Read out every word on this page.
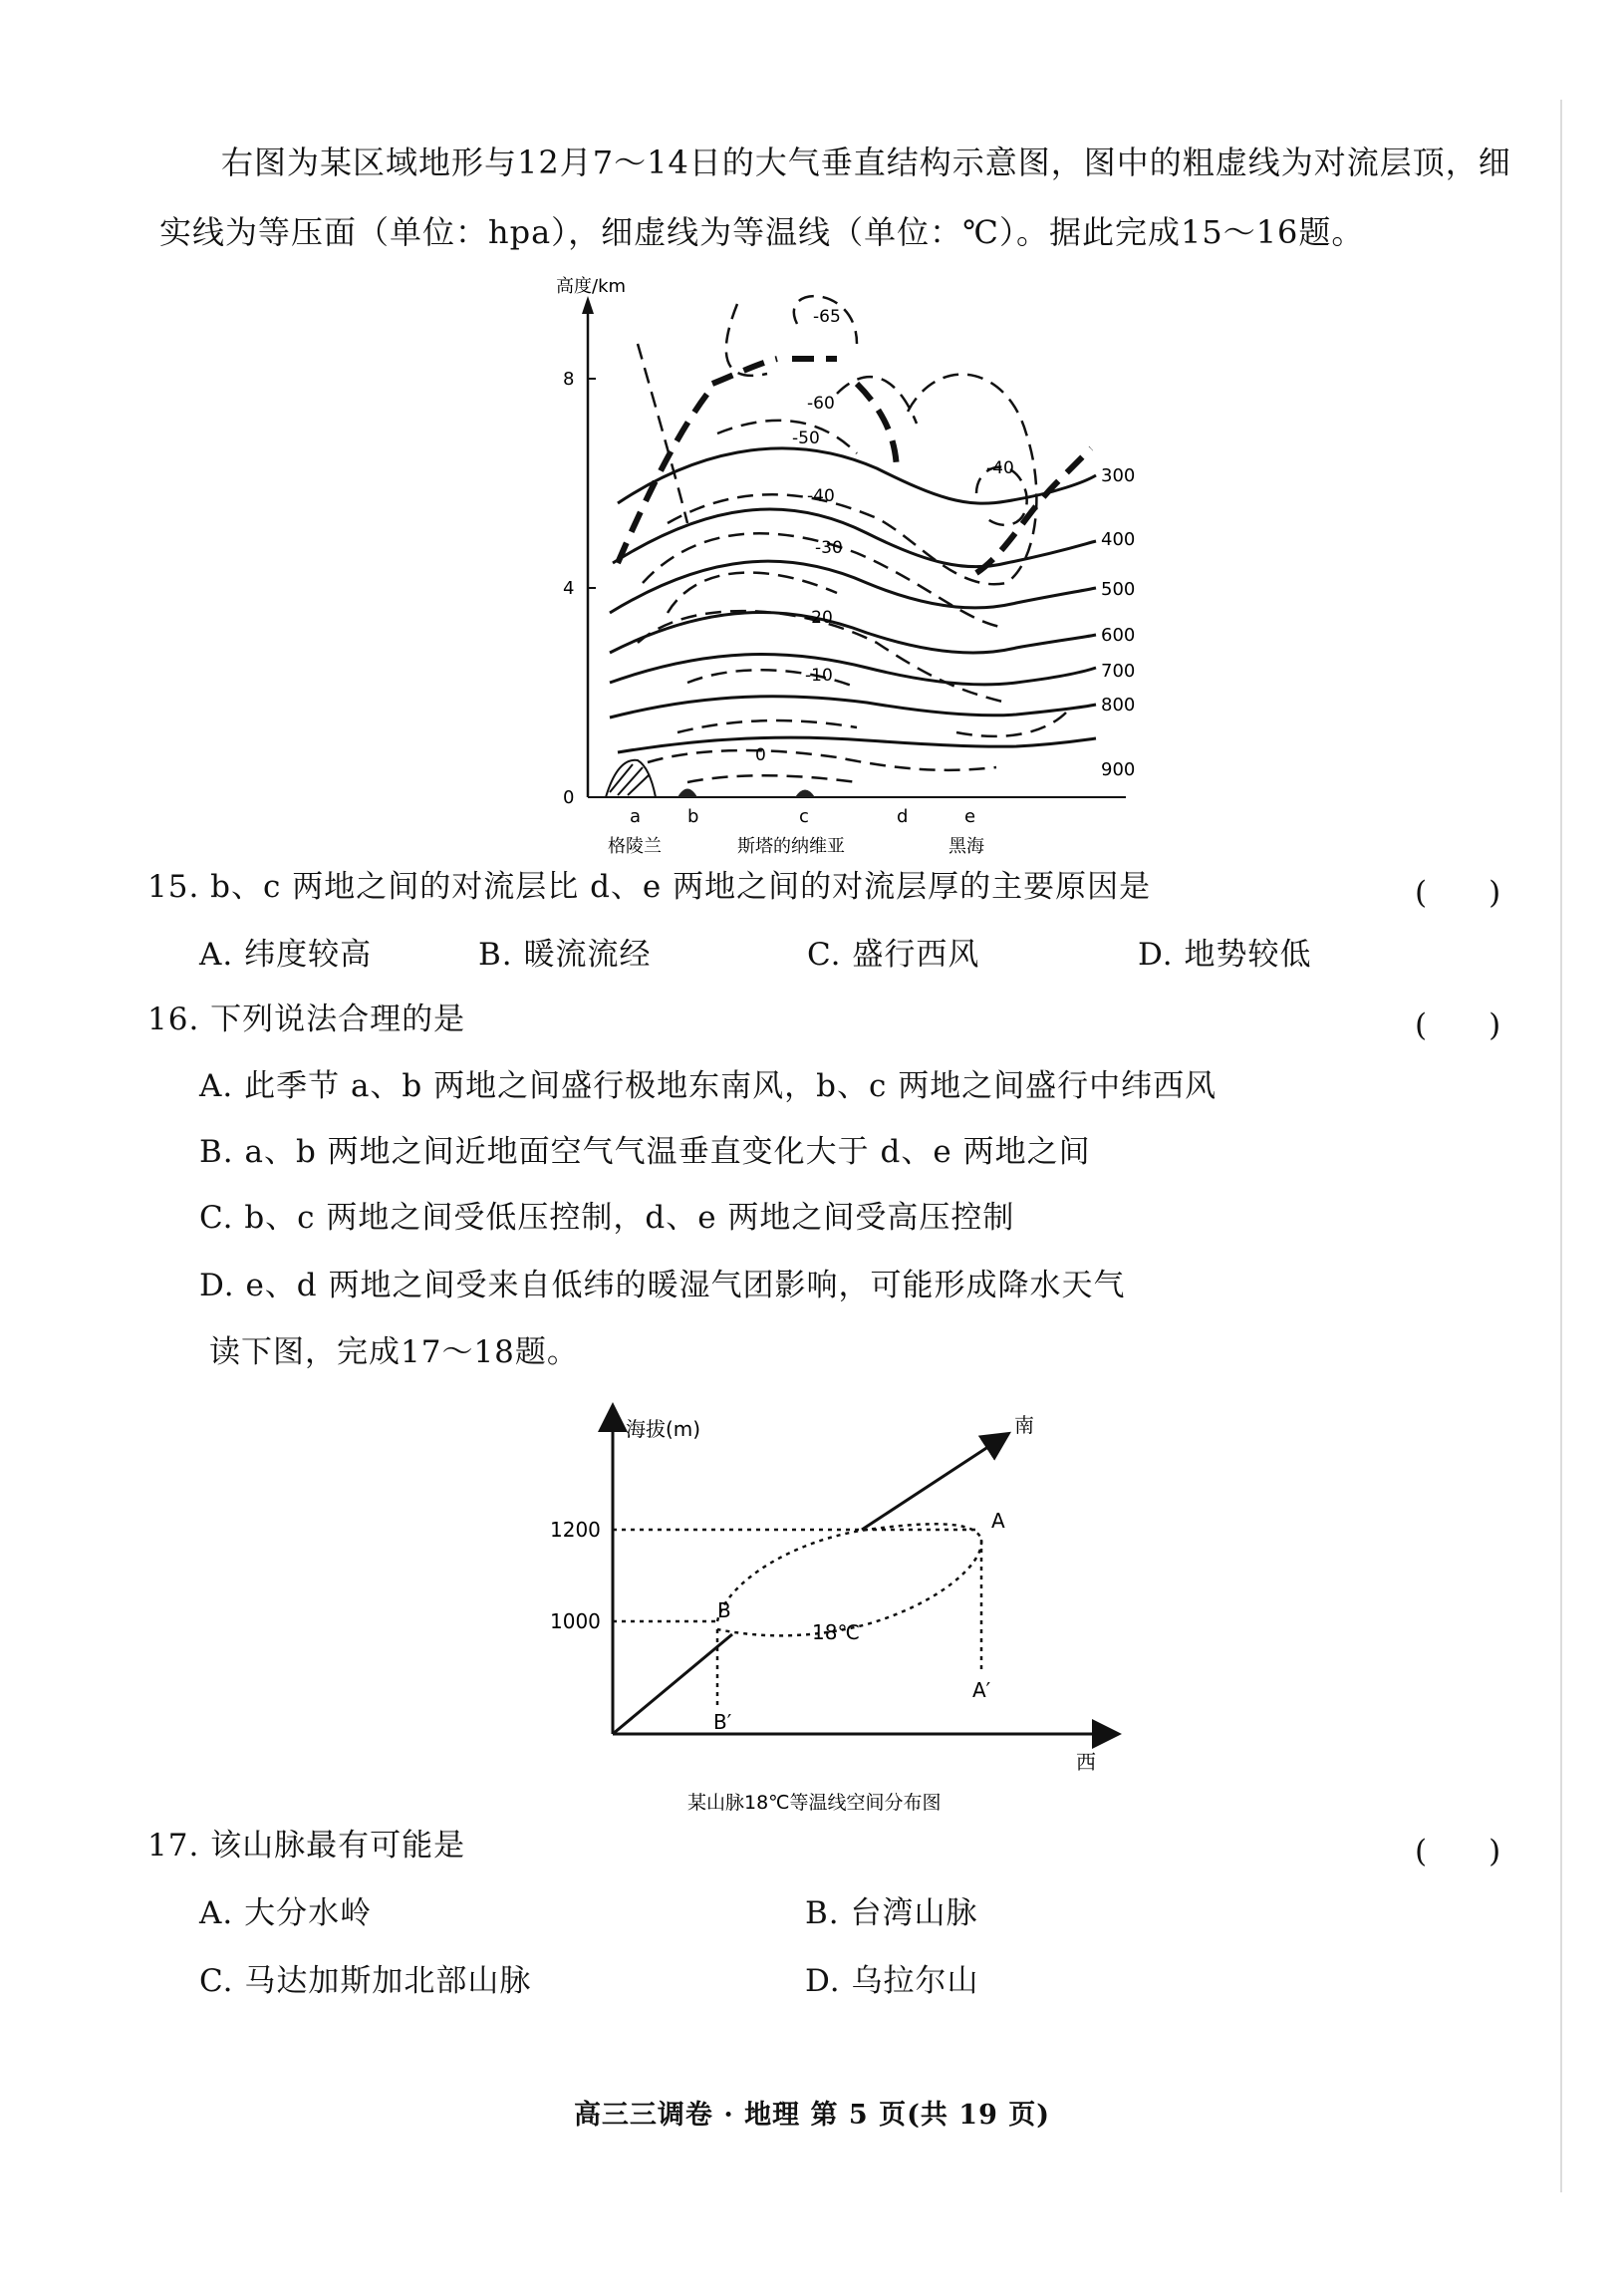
右图为某区域地形与12月7～14日的大气垂直结构示意图，图中的粗虚线为对流层顶，细实线为等压面（单位：hpa），细虚线为等温线（单位：℃）。据此完成15～16题。
高度/km
8
4
0
300
400
500
600
700
800
900
-65
-60
-50
-40
-40
-30
-20
-10
0
a	b	c	d	e
格陵兰	斯塔的纳维亚	黑海
15. b、c 两地之间的对流层比 d、e 两地之间的对流层厚的主要原因是	(　　)
A. 纬度较高	B. 暖流流经	C. 盛行西风	D. 地势较低
16. 下列说法合理的是	(　　)
A. 此季节 a、b 两地之间盛行极地东南风，b、c 两地之间盛行中纬西风
B. a、b 两地之间近地面空气气温垂直变化大于 d、e 两地之间
C. b、c 两地之间受低压控制，d、e 两地之间受高压控制
D. e、d 两地之间受来自低纬的暖湿气团影响，可能形成降水天气
读下图，完成17～18题。
海拔(m)
西
南
1200
1000
A
A′
B
B′
18℃
某山脉18℃等温线空间分布图
17. 该山脉最有可能是	(　　)
A. 大分水岭	B. 台湾山脉
C. 马达加斯加北部山脉	D. 乌拉尔山
高三三调卷 · 地理 第 5 页(共 19 页)
